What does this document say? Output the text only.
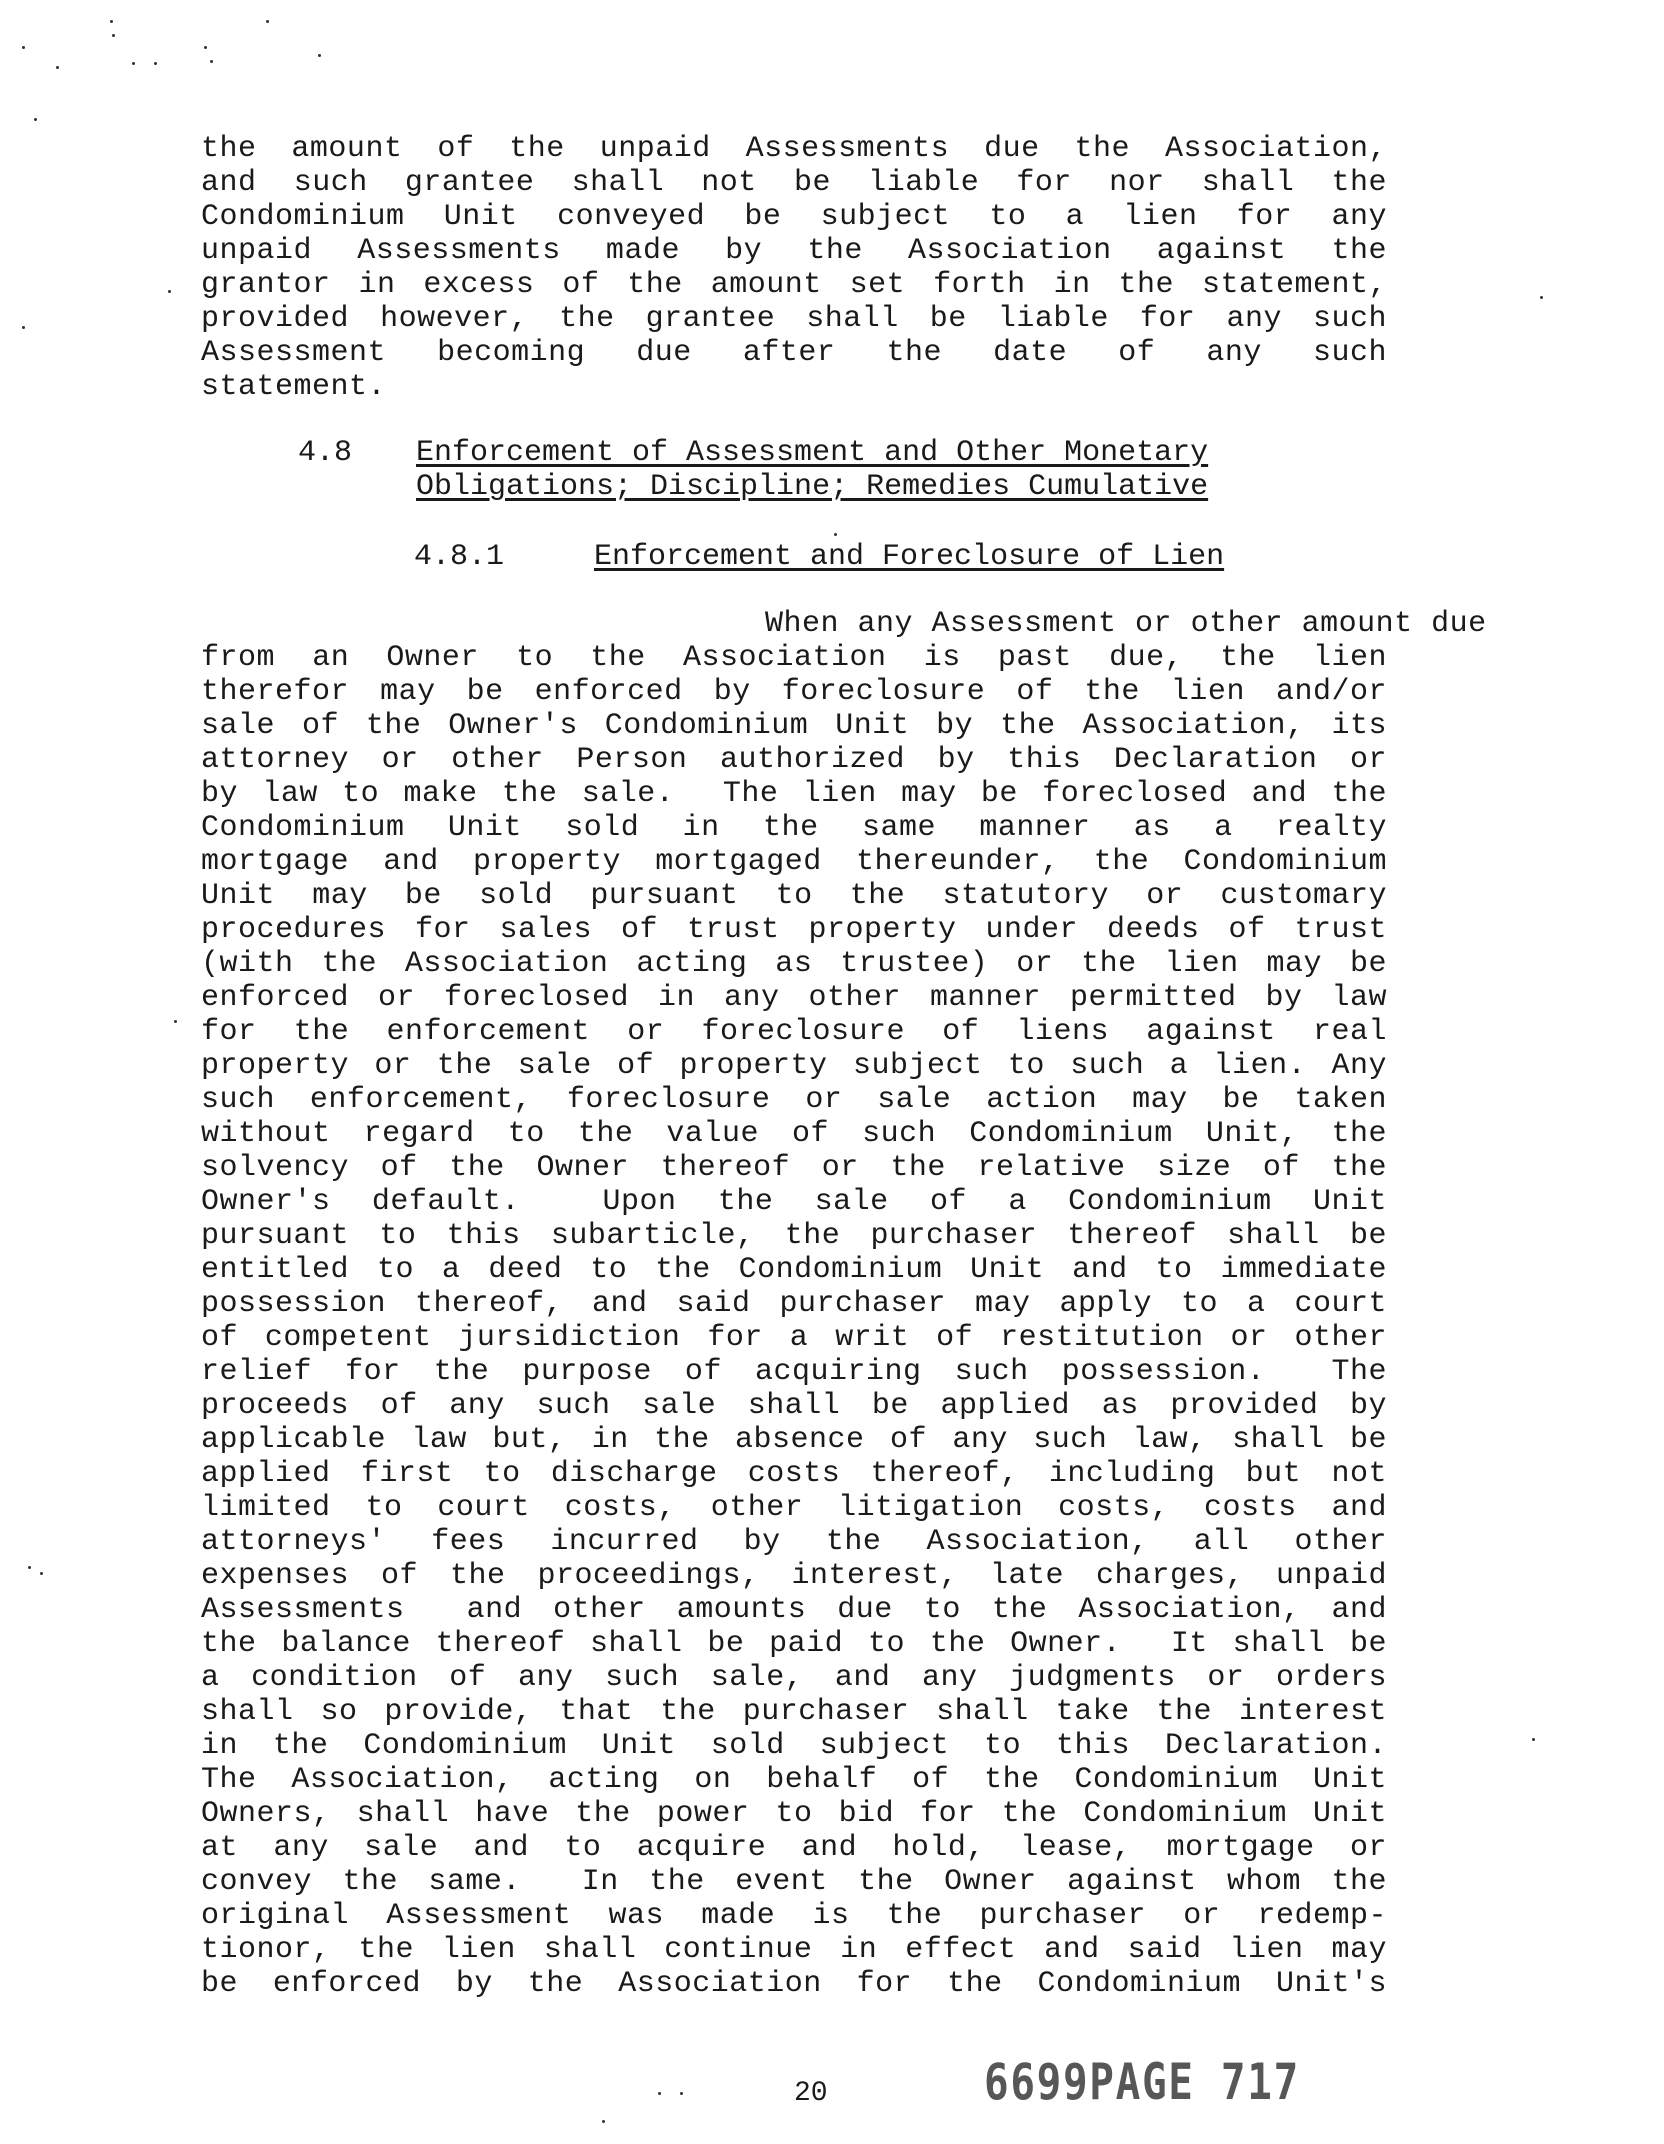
the amount of the unpaid Assessments due the Association,
and such grantee shall not be liable for nor shall the
Condominium Unit conveyed be subject to a lien for any
unpaid Assessments made by the Association against the
grantor in excess of the amount set forth in the statement,
provided however, the grantee shall be liable for any such
Assessment becoming due after the date of any such
statement.
4.8 Enforcement of Assessment and Other Monetary
Obligations; Discipline; Remedies Cumulative
4.8.1	Enforcement and Foreclosure of Lien
When any Assessment or other amount due
from an Owner to the Association is past due, the lien
therefor may be enforced by foreclosure of the lien and/or
sale of the Owner's Condominium Unit by the Association, its
attorney or other Person authorized by this Declaration or
by law to make the sale.  The lien may be foreclosed and the
Condominium Unit sold in the same manner as a realty
mortgage and property mortgaged thereunder, the Condominium
Unit may be sold pursuant to the statutory or customary
procedures for sales of trust property under deeds of trust
(with the Association acting as trustee) or the lien may be
enforced or foreclosed in any other manner permitted by law
for the enforcement or foreclosure of liens against real
property or the sale of property subject to such a lien. Any
such enforcement, foreclosure or sale action may be taken
without regard to the value of such Condominium Unit, the
solvency of the Owner thereof or the relative size of the
Owner's default.  Upon the sale of a Condominium Unit
pursuant to this subarticle, the purchaser thereof shall be
entitled to a deed to the Condominium Unit and to immediate
possession thereof, and said purchaser may apply to a court
of competent jursidiction for a writ of restitution or other
relief for the purpose of acquiring such possession.  The
proceeds of any such sale shall be applied as provided by
applicable law but, in the absence of any such law, shall be
applied first to discharge costs thereof, including but not
limited to court costs, other litigation costs, costs and
attorneys' fees incurred by the Association, all other
expenses of the proceedings, interest, late charges, unpaid
Assessments  and other amounts due to the Association, and
the balance thereof shall be paid to the Owner.  It shall be
a condition of any such sale, and any judgments or orders
shall so provide, that the purchaser shall take the interest
in the Condominium Unit sold subject to this Declaration.
The Association, acting on behalf of the Condominium Unit
Owners, shall have the power to bid for the Condominium Unit
at any sale and to acquire and hold, lease, mortgage or
convey the same.  In the event the Owner against whom the
original Assessment was made is the purchaser or redemp-
tionor, the lien shall continue in effect and said lien may
be enforced by the Association for the Condominium Unit's
20	6699PAGE 717
